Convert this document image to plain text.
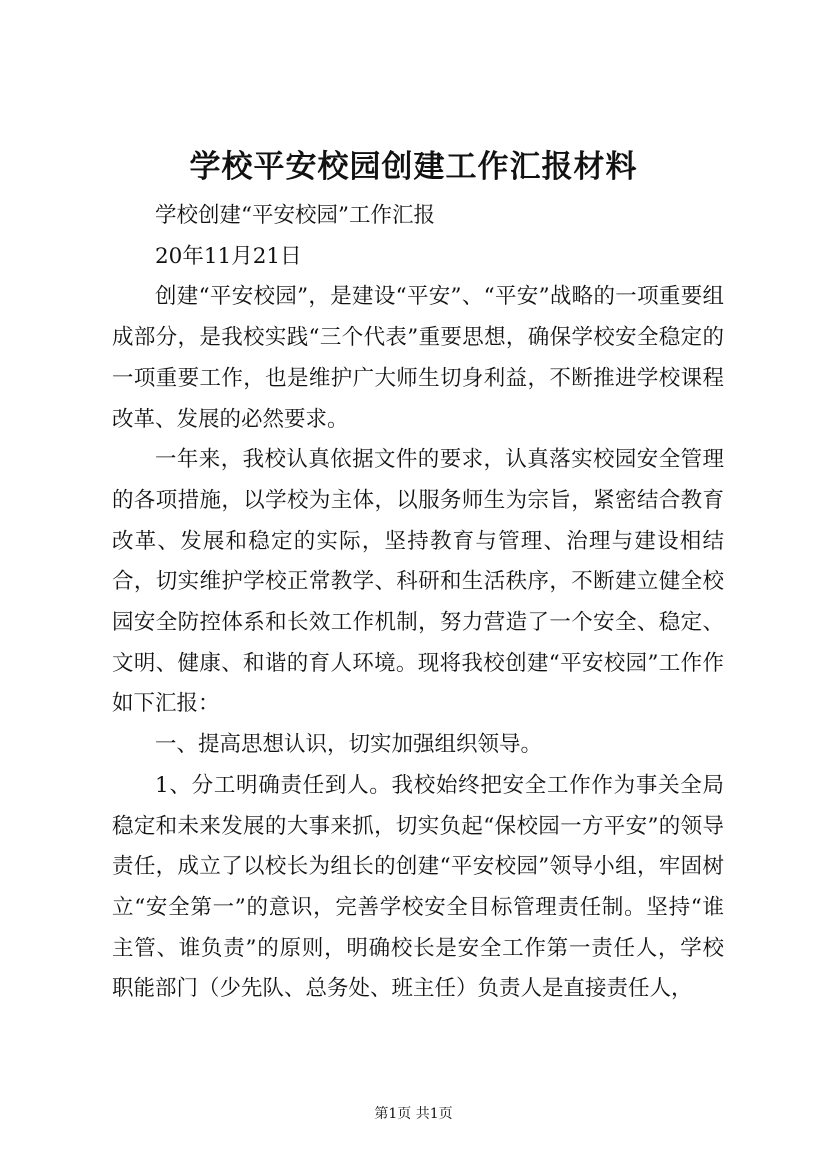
学校平安校园创建工作汇报材料

学校创建“平安校园”工作汇报

20年11月21日

创建“平安校园”，是建设“平安”、“平安”战略的一项重要组成部分，是我校实践“三个代表”重要思想，确保学校安全稳定的一项重要工作，也是维护广大师生切身利益，不断推进学校课程改革、发展的必然要求。

一年来，我校认真依据文件的要求，认真落实校园安全管理的各项措施，以学校为主体，以服务师生为宗旨，紧密结合教育改革、发展和稳定的实际，坚持教育与管理、治理与建设相结合，切实维护学校正常教学、科研和生活秩序，不断建立健全校园安全防控体系和长效工作机制，努力营造了一个安全、稳定、文明、健康、和谐的育人环境。现将我校创建“平安校园”工作作如下汇报：

一、提高思想认识，切实加强组织领导。

1、分工明确责任到人。我校始终把安全工作作为事关全局稳定和未来发展的大事来抓，切实负起“保校园一方平安”的领导责任，成立了以校长为组长的创建“平安校园”领导小组，牢固树立“安全第一”的意识，完善学校安全目标管理责任制。坚持“谁主管、谁负责”的原则，明确校长是安全工作第一责任人，学校职能部门（少先队、总务处、班主任）负责人是直接责任人，

第1页 共1页
